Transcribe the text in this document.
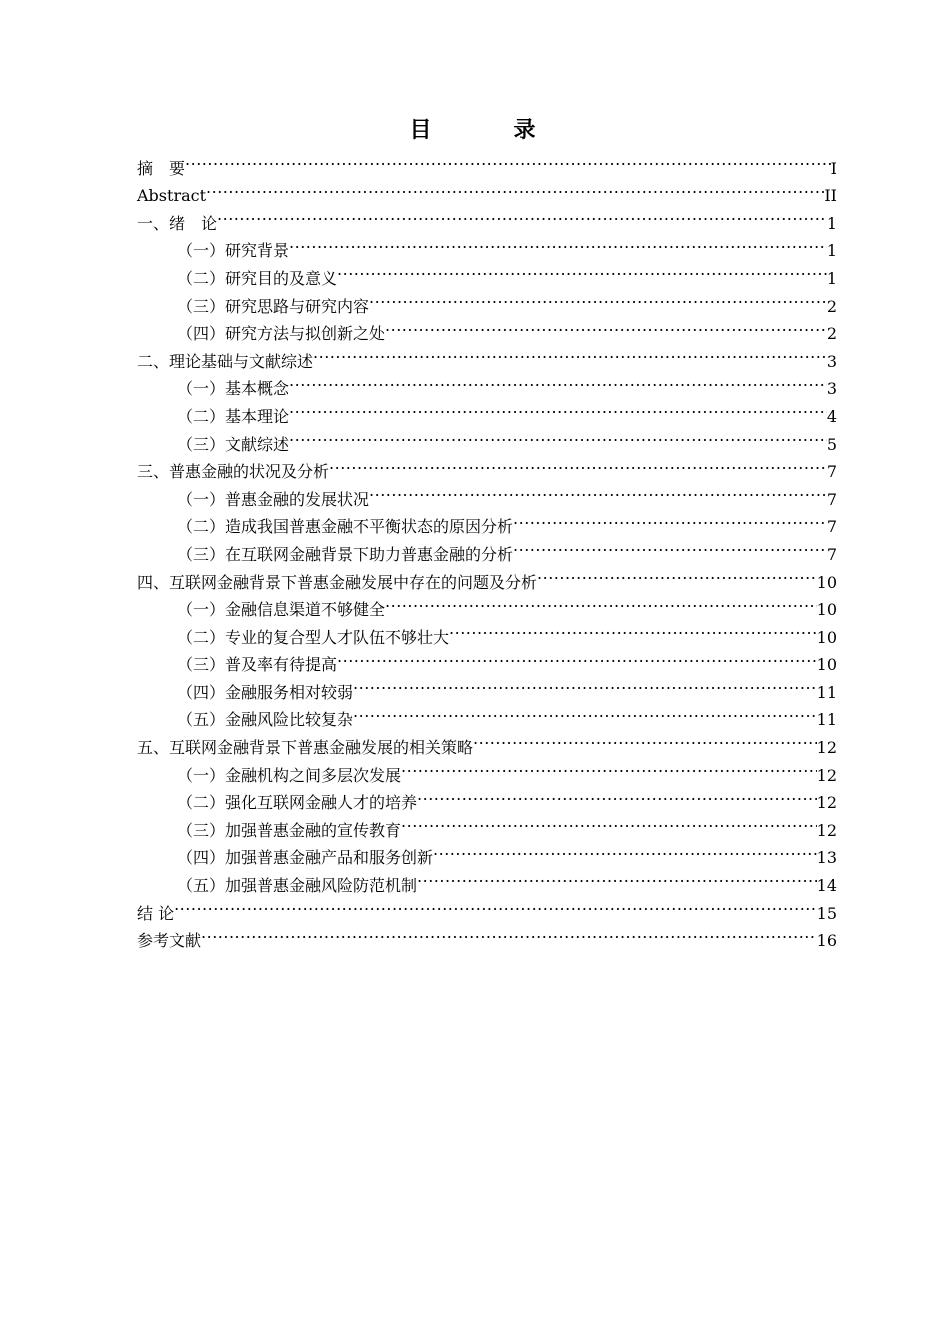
目　录
摘　要 .....	I
Abstract .....	II
一、绪　论 .....	1
（一）研究背景 .....	1
（二）研究目的及意义 .....	1
（三）研究思路与研究内容 .....	2
（四）研究方法与拟创新之处 .....	2
二、理论基础与文献综述 .....	3
（一）基本概念 .....	3
（二）基本理论 .....	4
（三）文献综述 .....	5
三、普惠金融的状况及分析 .....	7
（一）普惠金融的发展状况 .....	7
（二）造成我国普惠金融不平衡状态的原因分析 .....	7
（三）在互联网金融背景下助力普惠金融的分析 .....	7
四、互联网金融背景下普惠金融发展中存在的问题及分析 .....	10
（一）金融信息渠道不够健全 .....	10
（二）专业的复合型人才队伍不够壮大 .....	10
（三）普及率有待提高 .....	10
（四）金融服务相对较弱 .....	11
（五）金融风险比较复杂 .....	11
五、互联网金融背景下普惠金融发展的相关策略 .....	12
（一）金融机构之间多层次发展 .....	12
（二）强化互联网金融人才的培养 .....	12
（三）加强普惠金融的宣传教育 .....	12
（四）加强普惠金融产品和服务创新 .....	13
（五）加强普惠金融风险防范机制 .....	14
结 论 .....	15
参考文献 .....	16
